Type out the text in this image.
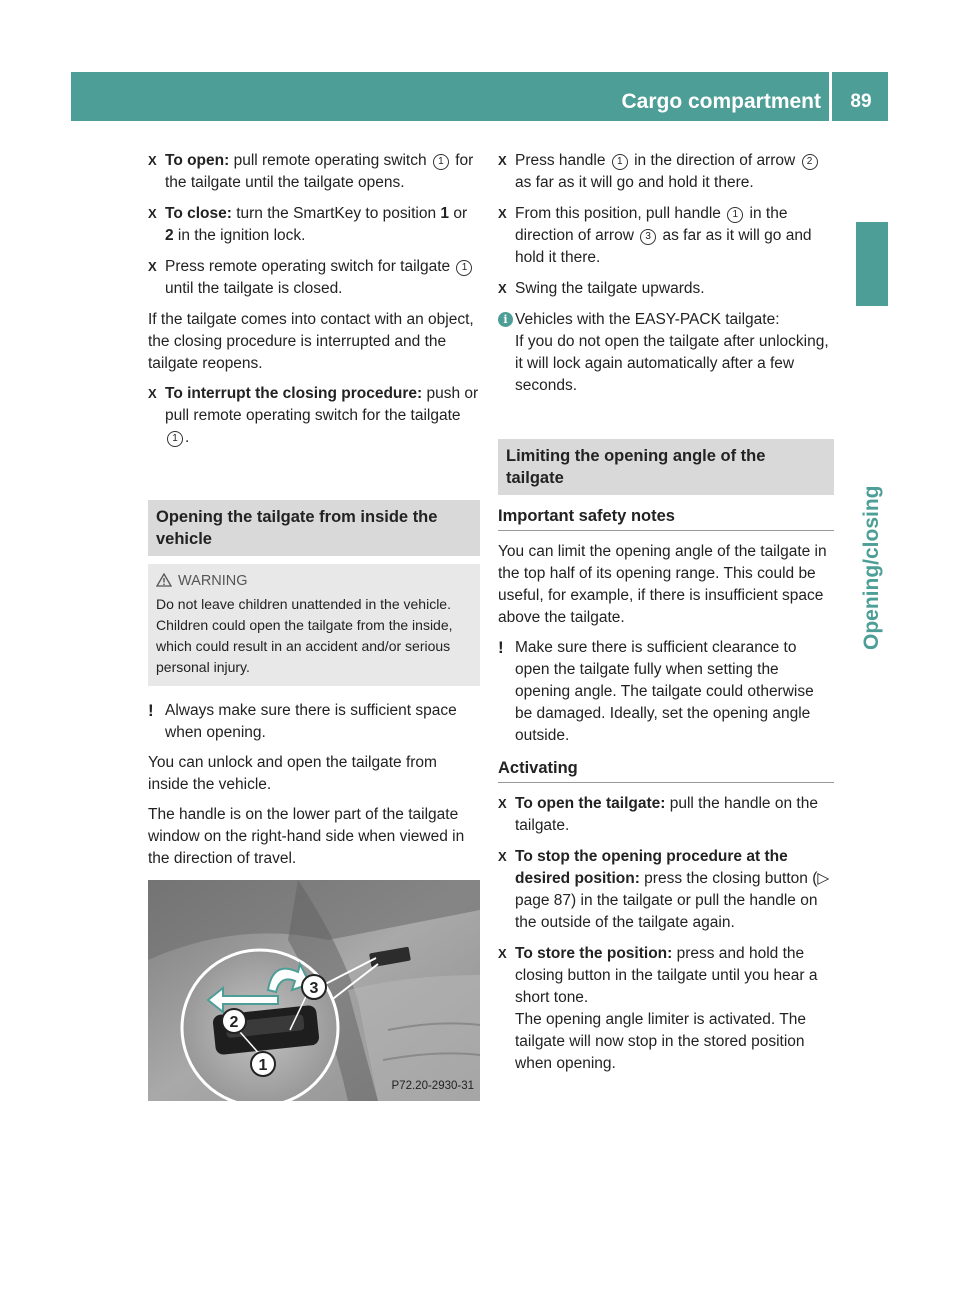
Cargo compartment	89
Opening/closing
X To open: pull remote operating switch 1 for the tailgate until the tailgate opens.
X To close: turn the SmartKey to position 1 or 2 in the ignition lock.
X Press remote operating switch for tailgate 1 until the tailgate is closed.

If the tailgate comes into contact with an object, the closing procedure is interrupted and the tailgate reopens.

X To interrupt the closing procedure: push or pull remote operating switch for the tailgate 1 .
Opening the tailgate from inside the vehicle
WARNING
Do not leave children unattended in the vehicle. Children could open the tailgate from the inside, which could result in an accident and/or serious personal injury.
! Always make sure there is sufficient space when opening.

You can unlock and open the tailgate from inside the vehicle.

The handle is on the lower part of the tailgate window on the right-hand side when viewed in the direction of travel.

1
2
3
P72.20-2930-31
X Press handle 1 in the direction of arrow 2 as far as it will go and hold it there.
X From this position, pull handle 1 in the direction of arrow 3 as far as it will go and hold it there.
X Swing the tailgate upwards.
i Vehicles with the EASY-PACK tailgate:
If you do not open the tailgate after unlocking, it will lock again automatically after a few seconds.
Limiting the opening angle of the tailgate
Important safety notes

You can limit the opening angle of the tailgate in the top half of its opening range. This could be useful, for example, if there is insufficient space above the tailgate.

! Make sure there is sufficient clearance to open the tailgate fully when setting the opening angle. The tailgate could otherwise be damaged. Ideally, set the opening angle outside.
Activating
X To open the tailgate: pull the handle on the tailgate.
X To stop the opening procedure at the desired position: press the closing button (▷ page 87) in the tailgate or pull the handle on the outside of the tailgate again.
X To store the position: press and hold the closing button in the tailgate until you hear a short tone.
The opening angle limiter is activated. The tailgate will now stop in the stored position when opening.
